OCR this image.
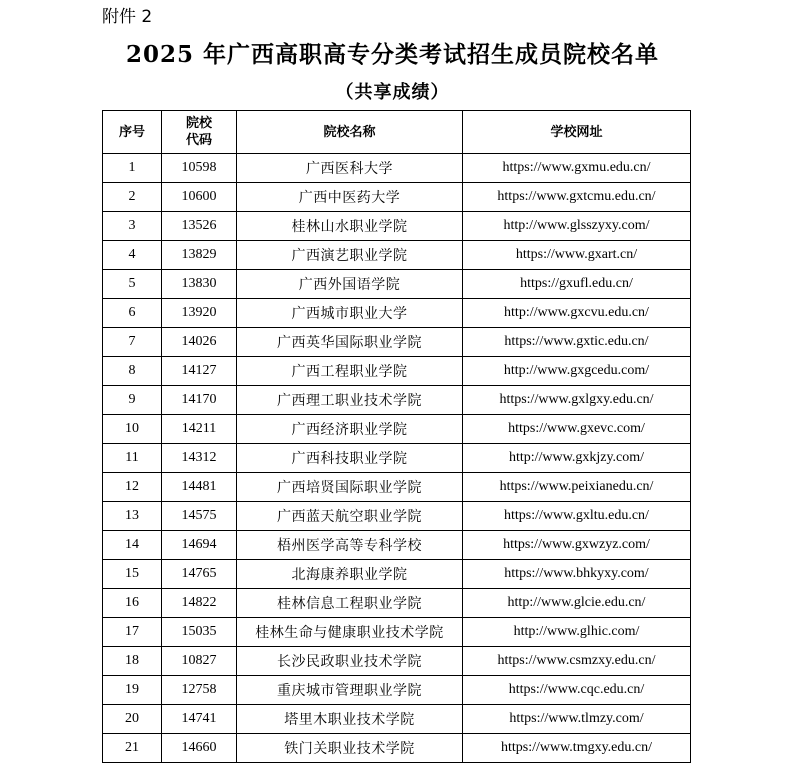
附件 2
2025 年广西高职高专分类考试招生成员院校名单
（共享成绩）
序号	院校代码	院校名称	学校网址
1	10598	广西医科大学	https://www.gxmu.edu.cn/
2	10600	广西中医药大学	https://www.gxtcmu.edu.cn/
3	13526	桂林山水职业学院	http://www.glsszyxy.com/
4	13829	广西演艺职业学院	https://www.gxart.cn/
5	13830	广西外国语学院	https://gxufl.edu.cn/
6	13920	广西城市职业大学	http://www.gxcvu.edu.cn/
7	14026	广西英华国际职业学院	https://www.gxtic.edu.cn/
8	14127	广西工程职业学院	http://www.gxgcedu.com/
9	14170	广西理工职业技术学院	https://www.gxlgxy.edu.cn/
10	14211	广西经济职业学院	https://www.gxevc.com/
11	14312	广西科技职业学院	http://www.gxkjzy.com/
12	14481	广西培贤国际职业学院	https://www.peixianedu.cn/
13	14575	广西蓝天航空职业学院	https://www.gxltu.edu.cn/
14	14694	梧州医学高等专科学校	https://www.gxwzyz.com/
15	14765	北海康养职业学院	https://www.bhkyxy.com/
16	14822	桂林信息工程职业学院	http://www.glcie.edu.cn/
17	15035	桂林生命与健康职业技术学院	http://www.glhic.com/
18	10827	长沙民政职业技术学院	https://www.csmzxy.edu.cn/
19	12758	重庆城市管理职业学院	https://www.cqc.edu.cn/
20	14741	塔里木职业技术学院	https://www.tlmzy.com/
21	14660	铁门关职业技术学院	https://www.tmgxy.edu.cn/
